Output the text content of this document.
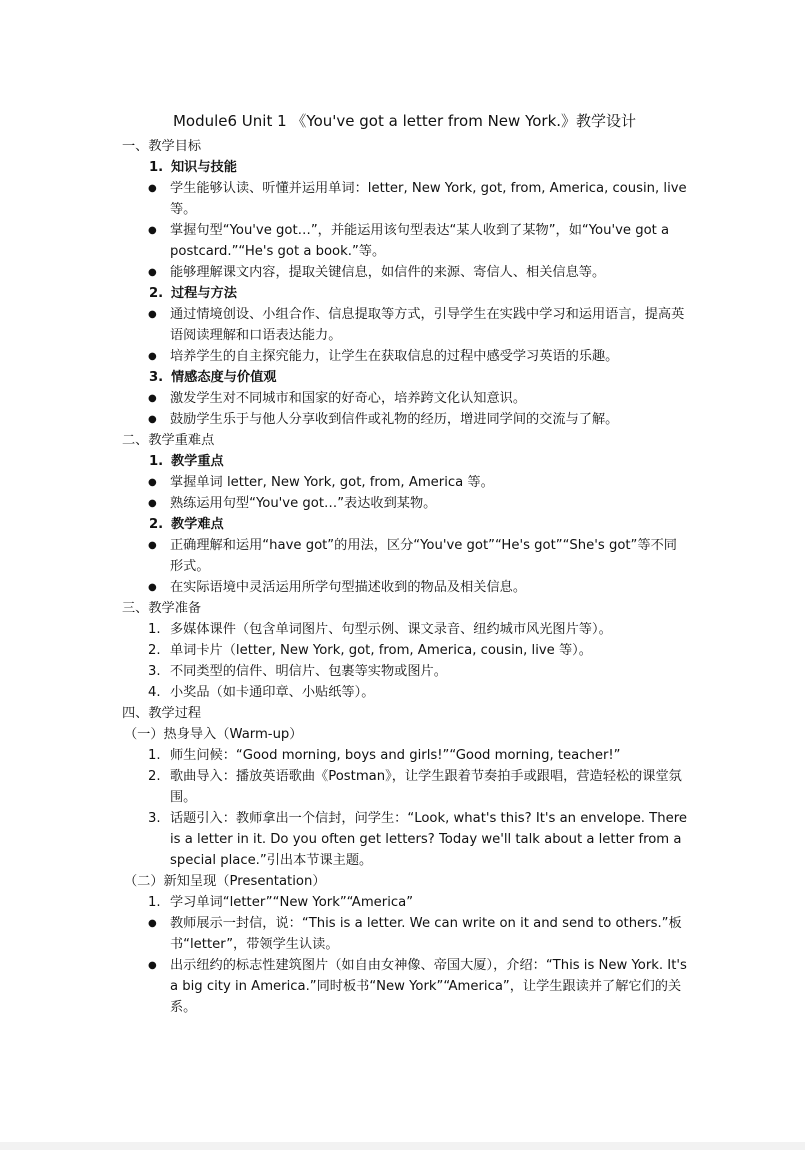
Module6 Unit 1 《You've got a letter from New York.》教学设计
一、教学目标
1. 知识与技能
●	学生能够认读、听懂并运用单词：letter, New York, got, from, America, cousin, live 等。
●	掌握句型“You've got…”，并能运用该句型表达“某人收到了某物”，如“You've got a postcard.”“He's got a book.”等。
●	能够理解课文内容，提取关键信息，如信件的来源、寄信人、相关信息等。
2. 过程与方法
●	通过情境创设、小组合作、信息提取等方式，引导学生在实践中学习和运用语言，提高英语阅读理解和口语表达能力。
●	培养学生的自主探究能力，让学生在获取信息的过程中感受学习英语的乐趣。
3. 情感态度与价值观
●	激发学生对不同城市和国家的好奇心，培养跨文化认知意识。
●	鼓励学生乐于与他人分享收到信件或礼物的经历，增进同学间的交流与了解。
二、教学重难点
1. 教学重点
●	掌握单词 letter, New York, got, from, America 等。
●	熟练运用句型“You've got…”表达收到某物。
2. 教学难点
●	正确理解和运用“have got”的用法，区分“You've got”“He's got”“She's got”等不同形式。
●	在实际语境中灵活运用所学句型描述收到的物品及相关信息。
三、教学准备
1. 多媒体课件（包含单词图片、句型示例、课文录音、纽约城市风光图片等）。
2. 单词卡片（letter, New York, got, from, America, cousin, live 等）。
3. 不同类型的信件、明信片、包裹等实物或图片。
4. 小奖品（如卡通印章、小贴纸等）。
四、教学过程
（一）热身导入（Warm-up）
1. 师生问候：“Good morning, boys and girls!”“Good morning, teacher!”
2. 歌曲导入：播放英语歌曲《Postman》，让学生跟着节奏拍手或跟唱，营造轻松的课堂氛围。
3. 话题引入：教师拿出一个信封，问学生：“Look, what's this? It's an envelope. There is a letter in it. Do you often get letters? Today we'll talk about a letter from a special place.”引出本节课主题。
（二）新知呈现（Presentation）
1. 学习单词“letter”“New York”“America”
●	教师展示一封信，说：“This is a letter. We can write on it and send to others.”板书“letter”，带领学生认读。
●	出示纽约的标志性建筑图片（如自由女神像、帝国大厦），介绍：“This is New York. It's a big city in America.”同时板书“New York”“America”，让学生跟读并了解它们的关系。
